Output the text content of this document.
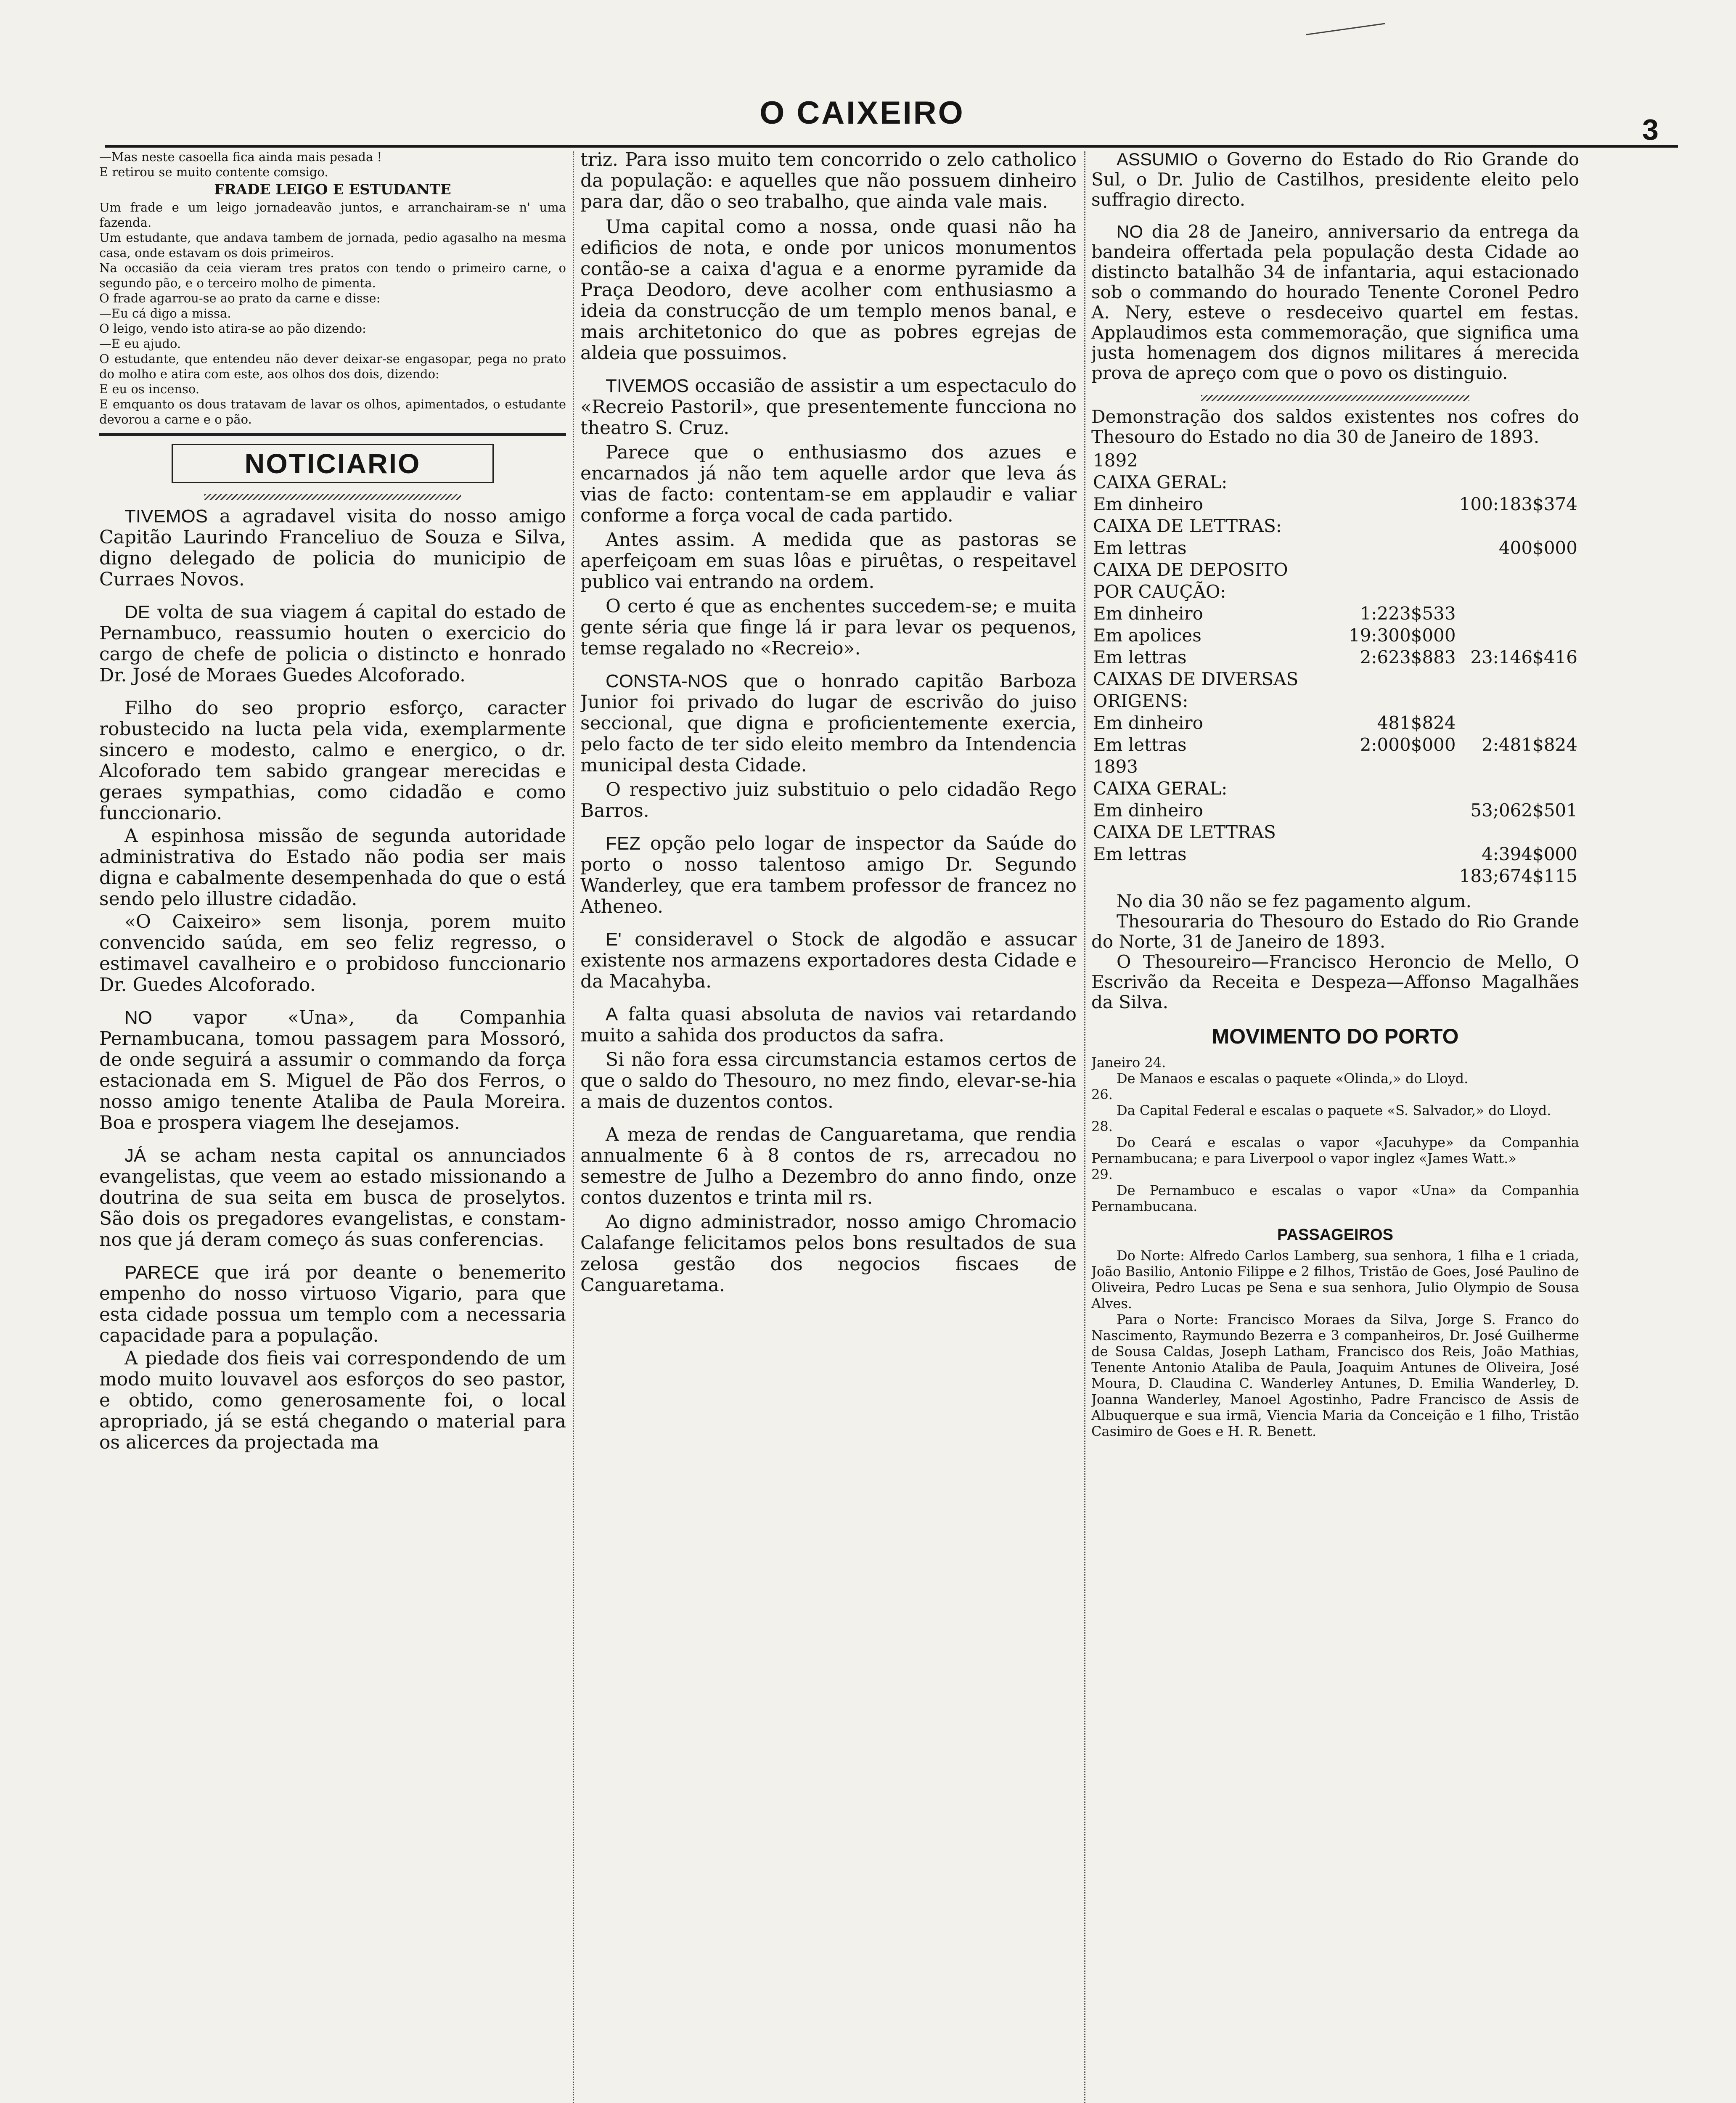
O CAIXEIRO	3

—Mas neste casoella fica ainda mais pesada !

E retirou se muito contente comsigo.

FRADE LEIGO E ESTUDANTE

Um frade e um leigo jornadeavão juntos, e arranchairam-se n' uma fazenda.

Um estudante, que andava tambem de jornada, pedio agasalho na mesma casa, onde estavam os dois primeiros.

Na occasião da ceia vieram tres pratos con tendo o primeiro carne, o segundo pão, e o terceiro molho de pimenta.

O frade agarrou-se ao prato da carne e disse:

—Eu cá digo a missa.

O leigo, vendo isto atira-se ao pão dizendo:

—E eu ajudo.

O estudante, que entendeu não dever deixar-se engasopar, pega no prato do molho e atira com este, aos olhos dos dois, dizendo:

E eu os incenso.

E emquanto os dous tratavam de lavar os olhos, apimentados, o estudante devorou a carne e o pão.

NOTICIARIO

TIVEMOS a agradavel visita do nosso amigo Capitão Laurindo Franceliuo de Souza e Silva, digno delegado de policia do municipio de Curraes Novos.

DE volta de sua viagem á capital do estado de Pernambuco, reassumio houten o exercicio do cargo de chefe de policia o distincto e honrado Dr. José de Moraes Guedes Alcoforado.

Filho do seo proprio esforço, caracter robustecido na lucta pela vida, exemplarmente sincero e modesto, calmo e energico, o dr. Alcoforado tem sabido grangear merecidas e geraes sympathias, como cidadão e como funccionario.

A espinhosa missão de segunda autoridade administrativa do Estado não podia ser mais digna e cabalmente desempenhada do que o está sendo pelo illustre cidadão.

«O Caixeiro» sem lisonja, porem muito convencido saúda, em seo feliz regresso, o estimavel cavalheiro e o probidoso funccionario Dr. Guedes Alcoforado.

NO vapor «Una», da Companhia Pernambucana, tomou passagem para Mossoró, de onde seguirá a assumir o commando da força estacionada em S. Miguel de Pão dos Ferros, o nosso amigo tenente Ataliba de Paula Moreira. Boa e prospera viagem lhe desejamos.

JÁ se acham nesta capital os annunciados evangelistas, que veem ao estado missionando a doutrina de sua seita em busca de proselytos. São dois os pregadores evangelistas, e constam-nos que já deram começo ás suas conferencias.

PARECE que irá por deante o benemerito empenho do nosso virtuoso Vigario, para que esta cidade possua um templo com a necessaria capacidade para a população.

A piedade dos fieis vai correspondendo de um modo muito louvavel aos esforços do seo pastor, e obtido, como generosamente foi, o local apropriado, já se está chegando o material para os alicerces da projectada ma

triz. Para isso muito tem concorrido o zelo catholico da população: e aquelles que não possuem dinheiro para dar, dão o seo trabalho, que ainda vale mais.

Uma capital como a nossa, onde quasi não ha edificios de nota, e onde por unicos monumentos contão-se a caixa d'agua e a enorme pyramide da Praça Deodoro, deve acolher com enthusiasmo a ideia da construcção de um templo menos banal, e mais architetonico do que as pobres egrejas de aldeia que possuimos.

TIVEMOS occasião de assistir a um espectaculo do «Recreio Pastoril», que presentemente funcciona no theatro S. Cruz.

Parece que o enthusiasmo dos azues e encarnados já não tem aquelle ardor que leva ás vias de facto: contentam-se em applaudir e valiar conforme a força vocal de cada partido.

Antes assim. A medida que as pastoras se aperfeiçoam em suas lôas e piruêtas, o respeitavel publico vai entrando na ordem.

O certo é que as enchentes succedem-se; e muita gente séria que finge lá ir para levar os pequenos, temse regalado no «Recreio».

CONSTA-NOS que o honrado capitão Barboza Junior foi privado do lugar de escrivão do juiso seccional, que digna e proficientemente exercia, pelo facto de ter sido eleito membro da Intendencia municipal desta Cidade.

O respectivo juiz substituio o pelo cidadão Rego Barros.

FEZ opção pelo logar de inspector da Saúde do porto o nosso talentoso amigo Dr. Segundo Wanderley, que era tambem professor de francez no Atheneo.

E' consideravel o Stock de algodão e assucar existente nos armazens exportadores desta Cidade e da Macahyba.

A falta quasi absoluta de navios vai retardando muito a sahida dos productos da safra.

Si não fora essa circumstancia estamos certos de que o saldo do Thesouro, no mez findo, elevar-se-hia a mais de duzentos contos.

A meza de rendas de Canguaretama, que rendia annualmente 6 à 8 contos de rs, arrecadou no semestre de Julho a Dezembro do anno findo, onze contos duzentos e trinta mil rs.

Ao digno administrador, nosso amigo Chromacio Calafange felicitamos pelos bons resultados de sua zelosa gestão dos negocios fiscaes de Canguaretama.

ASSUMIO o Governo do Estado do Rio Grande do Sul, o Dr. Julio de Castilhos, presidente eleito pelo suffragio directo.

NO dia 28 de Janeiro, anniversario da entrega da bandeira offertada pela população desta Cidade ao distincto batalhão 34 de infantaria, aqui estacionado sob o commando do hourado Tenente Coronel Pedro A. Nery, esteve o resdeceivo quartel em festas. Applaudimos esta commemoração, que significa uma justa homenagem dos dignos militares á merecida prova de apreço com que o povo os distinguio.

Demonstração dos saldos existentes nos cofres do Thesouro do Estado no dia 30 de Janeiro de 1893.

1892		
CAIXA GERAL:		
Em dinheiro		100:183$374
CAIXA DE LETTRAS:		
Em lettras		400$000
CAIXA DE DEPOSITO		
POR CAUÇÃO:		
Em dinheiro	1:223$533	
Em apolices	19:300$000	
Em lettras	2:623$883	23:146$416
CAIXAS DE DIVERSAS ORIGENS:		
Em dinheiro	481$824	
Em lettras	2:000$000	2:481$824
1893		
CAIXA GERAL:		
Em dinheiro		53;062$501
CAIXA DE LETTRAS		
Em lettras		4:394$000
		183;674$115

No dia 30 não se fez pagamento algum.

Thesouraria do Thesouro do Estado do Rio Grande do Norte, 31 de Janeiro de 1893.

O Thesoureiro—Francisco Heroncio de Mello, O Escrivão da Receita e Despeza—Affonso Magalhães da Silva.

MOVIMENTO DO PORTO

Janeiro 24.

De Manaos e escalas o paquete «Olinda,» do Lloyd.

26.

Da Capital Federal e escalas o paquete «S. Salvador,» do Lloyd.

28.

Do Ceará e escalas o vapor «Jacuhype» da Companhia Pernambucana; e para Liverpool o vapor inglez «James Watt.»

29.

De Pernambuco e escalas o vapor «Una» da Companhia Pernambucana.

PASSAGEIROS

Do Norte: Alfredo Carlos Lamberg, sua senhora, 1 filha e 1 criada, João Basilio, Antonio Filippe e 2 filhos, Tristão de Goes, José Paulino de Oliveira, Pedro Lucas pe Sena e sua senhora, Julio Olympio de Sousa Alves.

Para o Norte: Francisco Moraes da Silva, Jorge S. Franco do Nascimento, Raymundo Bezerra e 3 companheiros, Dr. José Guilherme de Sousa Caldas, Joseph Latham, Francisco dos Reis, João Mathias, Tenente Antonio Ataliba de Paula, Joaquim Antunes de Oliveira, José Moura, D. Claudina C. Wanderley Antunes, D. Emilia Wanderley, D. Joanna Wanderley, Manoel Agostinho, Padre Francisco de Assis de Albuquerque e sua irmã, Viencia Maria da Conceição e 1 filho, Tristão Casimiro de Goes e H. R. Benett.
